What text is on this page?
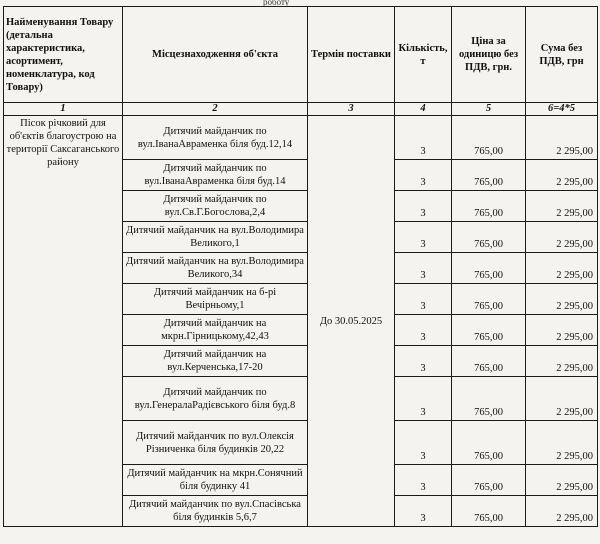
роботу
Найменування Товару (детальна характеристика, асортимент, номенклатура, код Товару)	Місцезнаходження об'єкта	Термін поставки	Кількість, т	Ціна за одиницю без ПДВ, грн.	Сума без ПДВ, грн
1	2	3	4	5	6=4*5
Пісок річковий для об'єктів благоустрою на території Саксаганського району	Дитячий майданчик по вул.ІванаАвраменка біля буд.12,14	До 30.05.2025	3	765,00	2 295,00
	Дитячий майданчик по вул.ІванаАвраменка біля буд.14		3	765,00	2 295,00
	Дитячий майданчик по вул.Св.Г.Богослова,2,4		3	765,00	2 295,00
	Дитячий майданчик на вул.Володимира Великого,1		3	765,00	2 295,00
	Дитячий майданчик на вул.Володимира Великого,34		3	765,00	2 295,00
	Дитячий майданчик на б-рі Вечірньому,1		3	765,00	2 295,00
	Дитячий майданчик на мкрн.Гірницькому,42,43		3	765,00	2 295,00
	Дитячий майданчик на вул.Керченська,17-20		3	765,00	2 295,00
	Дитячий майданчик по вул.ГенералаРадієвського біля буд.8		3	765,00	2 295,00
	Дитячий майданчик по вул.Олексія Різниченка біля будинків 20,22		3	765,00	2 295,00
	Дитячий майданчик на мкрн.Сонячний біля будинку 41		3	765,00	2 295,00
	Дитячий майданчик по вул.Спасівська біля будинків 5,6,7		3	765,00	2 295,00
